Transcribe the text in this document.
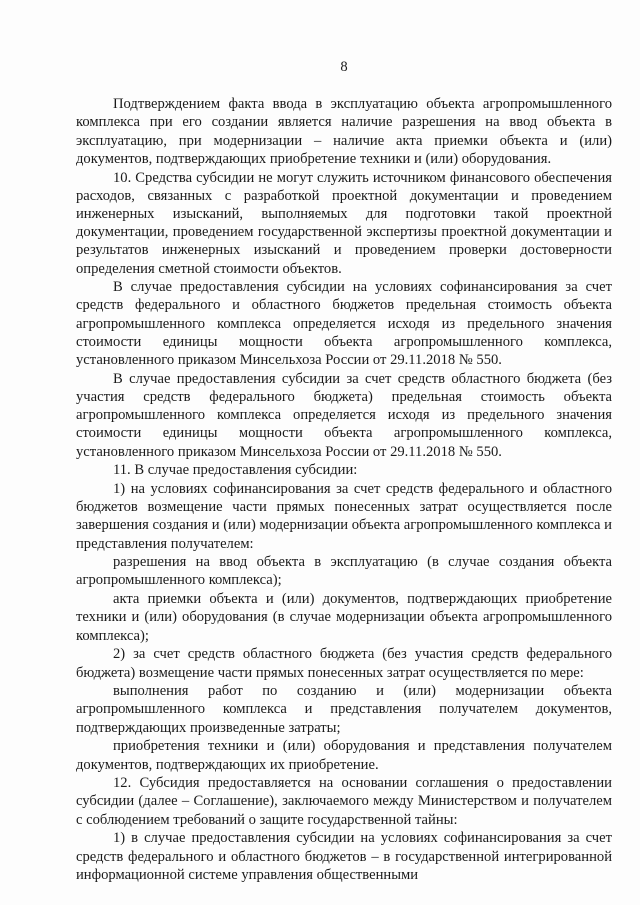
8

Подтверждением факта ввода в эксплуатацию объекта агропромышленного комплекса при его создании является наличие разрешения на ввод объекта в эксплуатацию, при модернизации – наличие акта приемки объекта и (или) документов, подтверждающих приобретение техники и (или) оборудования.

10. Средства субсидии не могут служить источником финансового обеспечения расходов, связанных с разработкой проектной документации и проведением инженерных изысканий, выполняемых для подготовки такой проектной документации, проведением государственной экспертизы проектной документации и результатов инженерных изысканий и проведением проверки достоверности определения сметной стоимости объектов.

В случае предоставления субсидии на условиях софинансирования за счет средств федерального и областного бюджетов предельная стоимость объекта агропромышленного комплекса определяется исходя из предельного значения стоимости единицы мощности объекта агропромышленного комплекса, установленного приказом Минсельхоза России от 29.11.2018 № 550.

В случае предоставления субсидии за счет средств областного бюджета (без участия средств федерального бюджета) предельная стоимость объекта агропромышленного комплекса определяется исходя из предельного значения стоимости единицы мощности объекта агропромышленного комплекса, установленного приказом Минсельхоза России от 29.11.2018 № 550.

11. В случае предоставления субсидии:

1) на условиях софинансирования за счет средств федерального и областного бюджетов возмещение части прямых понесенных затрат осуществляется после завершения создания и (или) модернизации объекта агропромышленного комплекса и представления получателем:

разрешения на ввод объекта в эксплуатацию (в случае создания объекта агропромышленного комплекса);

акта приемки объекта и (или) документов, подтверждающих приобретение техники и (или) оборудования (в случае модернизации объекта агропромышленного комплекса);

2) за счет средств областного бюджета (без участия средств федерального бюджета) возмещение части прямых понесенных затрат осуществляется по мере:

выполнения работ по созданию и (или) модернизации объекта агропромышленного комплекса и представления получателем документов, подтверждающих произведенные затраты;

приобретения техники и (или) оборудования и представления получателем документов, подтверждающих их приобретение.

12. Субсидия предоставляется на основании соглашения о предоставлении субсидии (далее – Соглашение), заключаемого между Министерством и получателем с соблюдением требований о защите государственной тайны:

1) в случае предоставления субсидии на условиях софинансирования за счет средств федерального и областного бюджетов – в государственной интегрированной информационной системе управления общественными
